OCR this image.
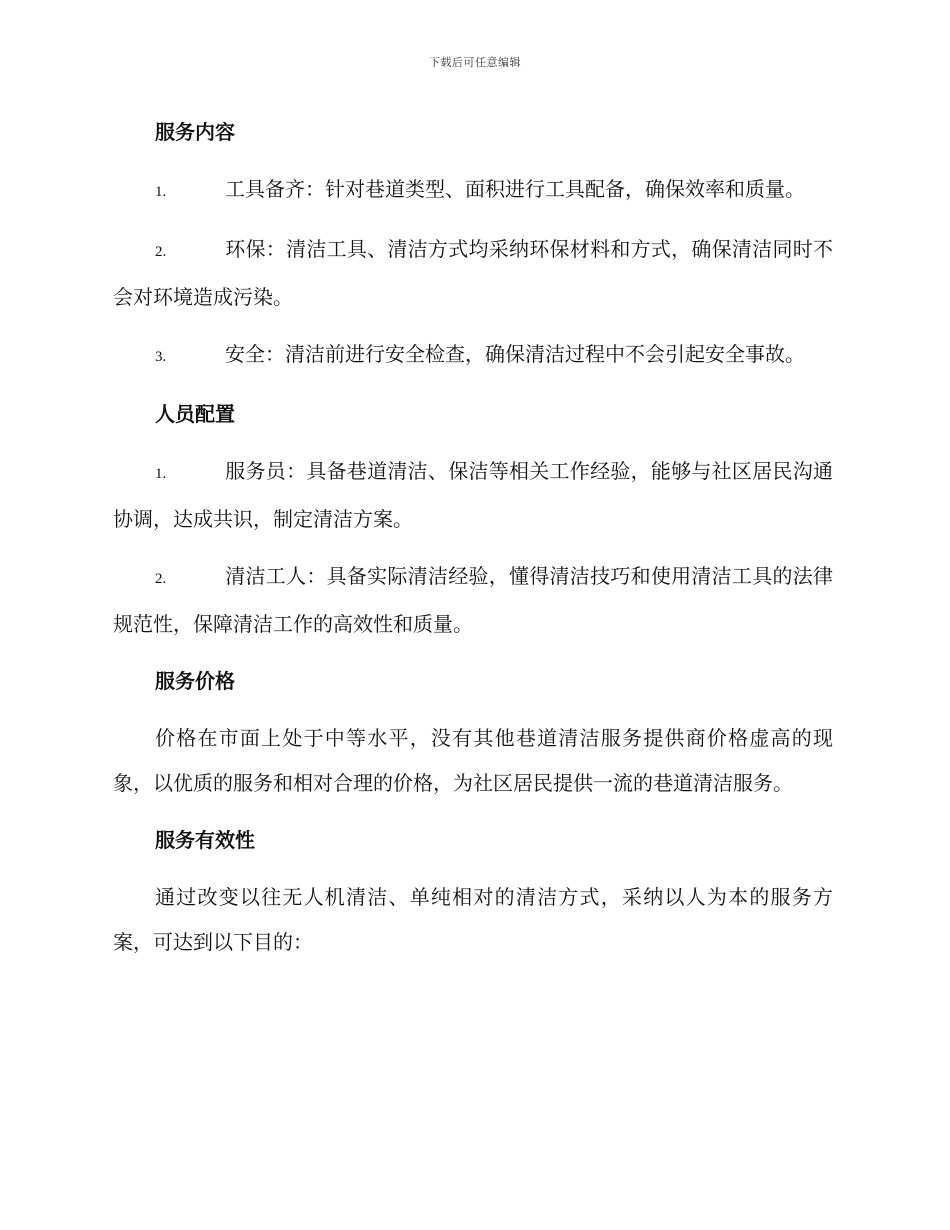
下载后可任意编辑
服务内容

1.	工具备齐：针对巷道类型、面积进行工具配备，确保效率和质量。

2.	环保：清洁工具、清洁方式均采纳环保材料和方式，确保清洁同时不会对环境造成污染。

3.	安全：清洁前进行安全检查，确保清洁过程中不会引起安全事故。

人员配置

1.	服务员：具备巷道清洁、保洁等相关工作经验，能够与社区居民沟通协调，达成共识，制定清洁方案。

2.	清洁工人：具备实际清洁经验，懂得清洁技巧和使用清洁工具的法律规范性，保障清洁工作的高效性和质量。

服务价格

价格在市面上处于中等水平，没有其他巷道清洁服务提供商价格虚高的现象，以优质的服务和相对合理的价格，为社区居民提供一流的巷道清洁服务。

服务有效性

通过改变以往无人机清洁、单纯相对的清洁方式，采纳以人为本的服务方案，可达到以下目的：
